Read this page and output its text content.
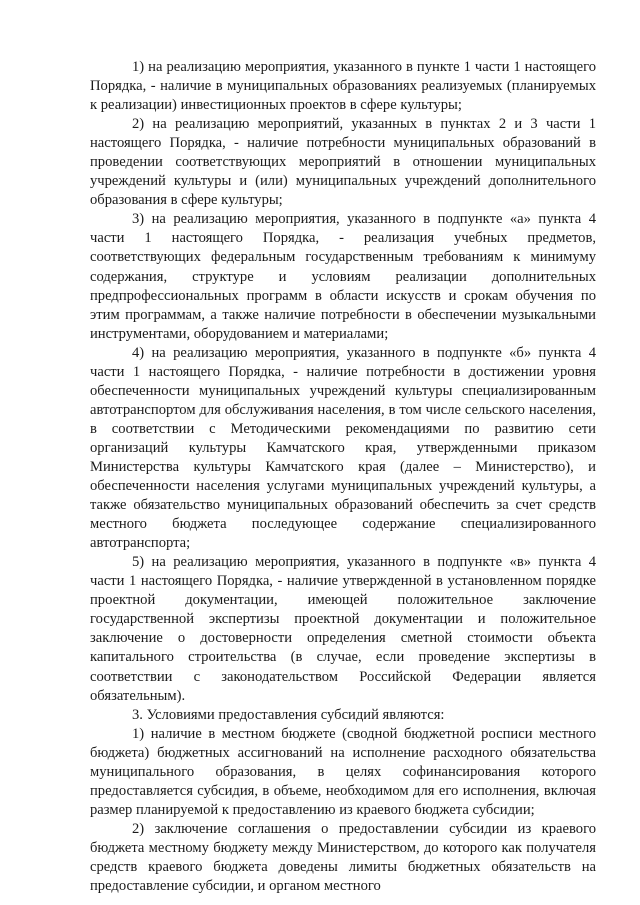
1) на реализацию мероприятия, указанного в пункте 1 части 1 настоящего Порядка, - наличие в муниципальных образованиях реализуемых (планируемых к реализации) инвестиционных проектов в сфере культуры;

2) на реализацию мероприятий, указанных в пунктах 2 и 3 части 1 настоящего Порядка, - наличие потребности муниципальных образований в проведении соответствующих мероприятий в отношении муниципальных учреждений культуры и (или) муниципальных учреждений дополнительного образования в сфере культуры;

3) на реализацию мероприятия, указанного в подпункте «а» пункта 4 части 1 настоящего Порядка, - реализация учебных предметов, соответствующих федеральным государственным требованиям к минимуму содержания, структуре и условиям реализации дополнительных предпрофессиональных программ в области искусств и срокам обучения по этим программам, а также наличие потребности в обеспечении музыкальными инструментами, оборудованием и материалами;

4) на реализацию мероприятия, указанного в подпункте «б» пункта 4 части 1 настоящего Порядка, - наличие потребности в достижении уровня обеспеченности муниципальных учреждений культуры специализированным автотранспортом для обслуживания населения, в том числе сельского населения, в соответствии с Методическими рекомендациями по развитию сети организаций культуры Камчатского края, утвержденными приказом Министерства культуры Камчатского края (далее – Министерство), и обеспеченности населения услугами муниципальных учреждений культуры, а также обязательство муниципальных образований обеспечить за счет средств местного бюджета последующее содержание специализированного автотранспорта;

5) на реализацию мероприятия, указанного в подпункте «в» пункта 4 части 1 настоящего Порядка, - наличие утвержденной в установленном порядке проектной документации, имеющей положительное заключение государственной экспертизы проектной документации и положительное заключение о достоверности определения сметной стоимости объекта капитального строительства (в случае, если проведение экспертизы в соответствии с законодательством Российской Федерации является обязательным).

3. Условиями предоставления субсидий являются:

1) наличие в местном бюджете (сводной бюджетной росписи местного бюджета) бюджетных ассигнований на исполнение расходного обязательства муниципального образования, в целях софинансирования которого предоставляется субсидия, в объеме, необходимом для его исполнения, включая размер планируемой к предоставлению из краевого бюджета субсидии;

2) заключение соглашения о предоставлении субсидии из краевого бюджета местному бюджету между Министерством, до которого как получателя средств краевого бюджета доведены лимиты бюджетных обязательств на предоставление субсидии, и органом местного
